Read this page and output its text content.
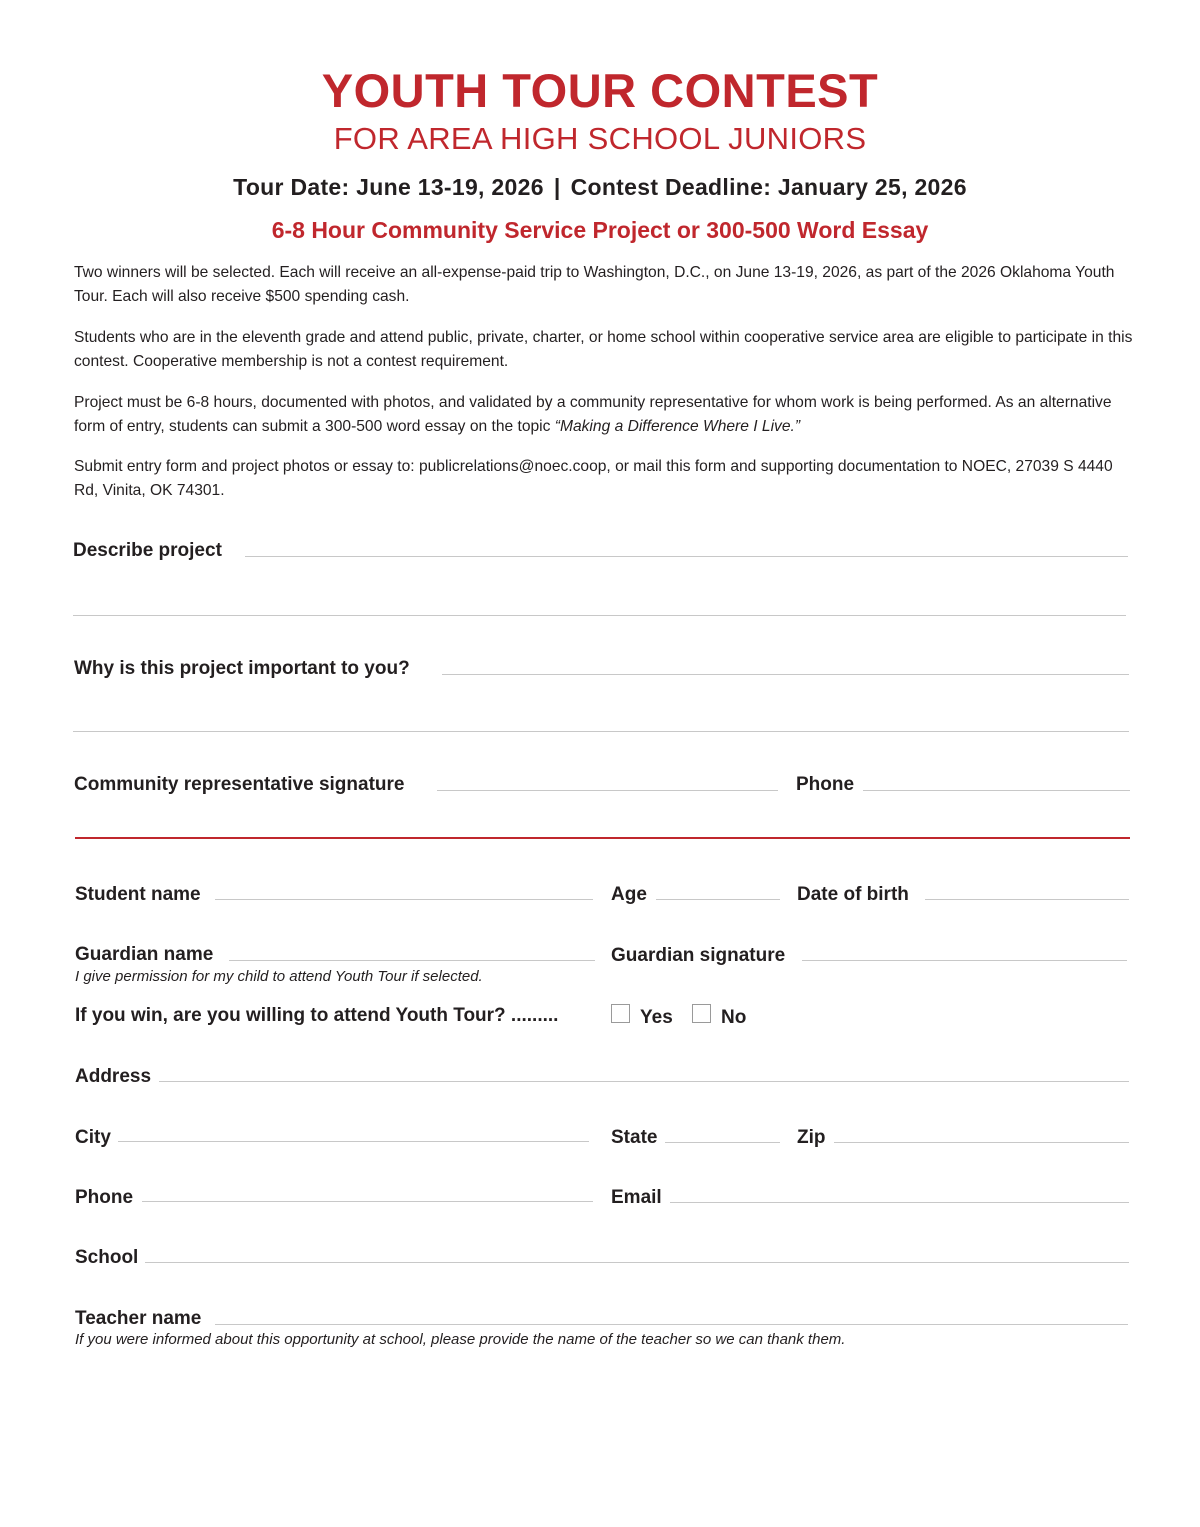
YOUTH TOUR CONTEST
FOR AREA HIGH SCHOOL JUNIORS
Tour Date: June 13-19, 2026 | Contest Deadline: January 25, 2026
6-8 Hour Community Service Project or 300-500 Word Essay
Two winners will be selected. Each will receive an all-expense-paid trip to Washington, D.C., on June 13-19, 2026, as part of the 2026 Oklahoma Youth Tour. Each will also receive $500 spending cash.
Students who are in the eleventh grade and attend public, private, charter, or home school within cooperative service area are eligible to participate in this contest. Cooperative membership is not a contest requirement.
Project must be 6-8 hours, documented with photos, and validated by a community representative for whom work is being performed. As an alternative form of entry, students can submit a 300-500 word essay on the topic “Making a Difference Where I Live.”
Submit entry form and project photos or essay to: publicrelations@noec.coop, or mail this form and supporting documentation to NOEC, 27039 S 4440 Rd, Vinita, OK 74301.
Describe project
Why is this project important to you?
Community representative signature	Phone
Student name	Age	Date of birth
Guardian name
I give permission for my child to attend Youth Tour if selected.
Guardian signature
If you win, are you willing to attend Youth Tour? .........	Yes	No
Address
City	State	Zip
Phone	Email
School
Teacher name
If you were informed about this opportunity at school, please provide the name of the teacher so we can thank them.
